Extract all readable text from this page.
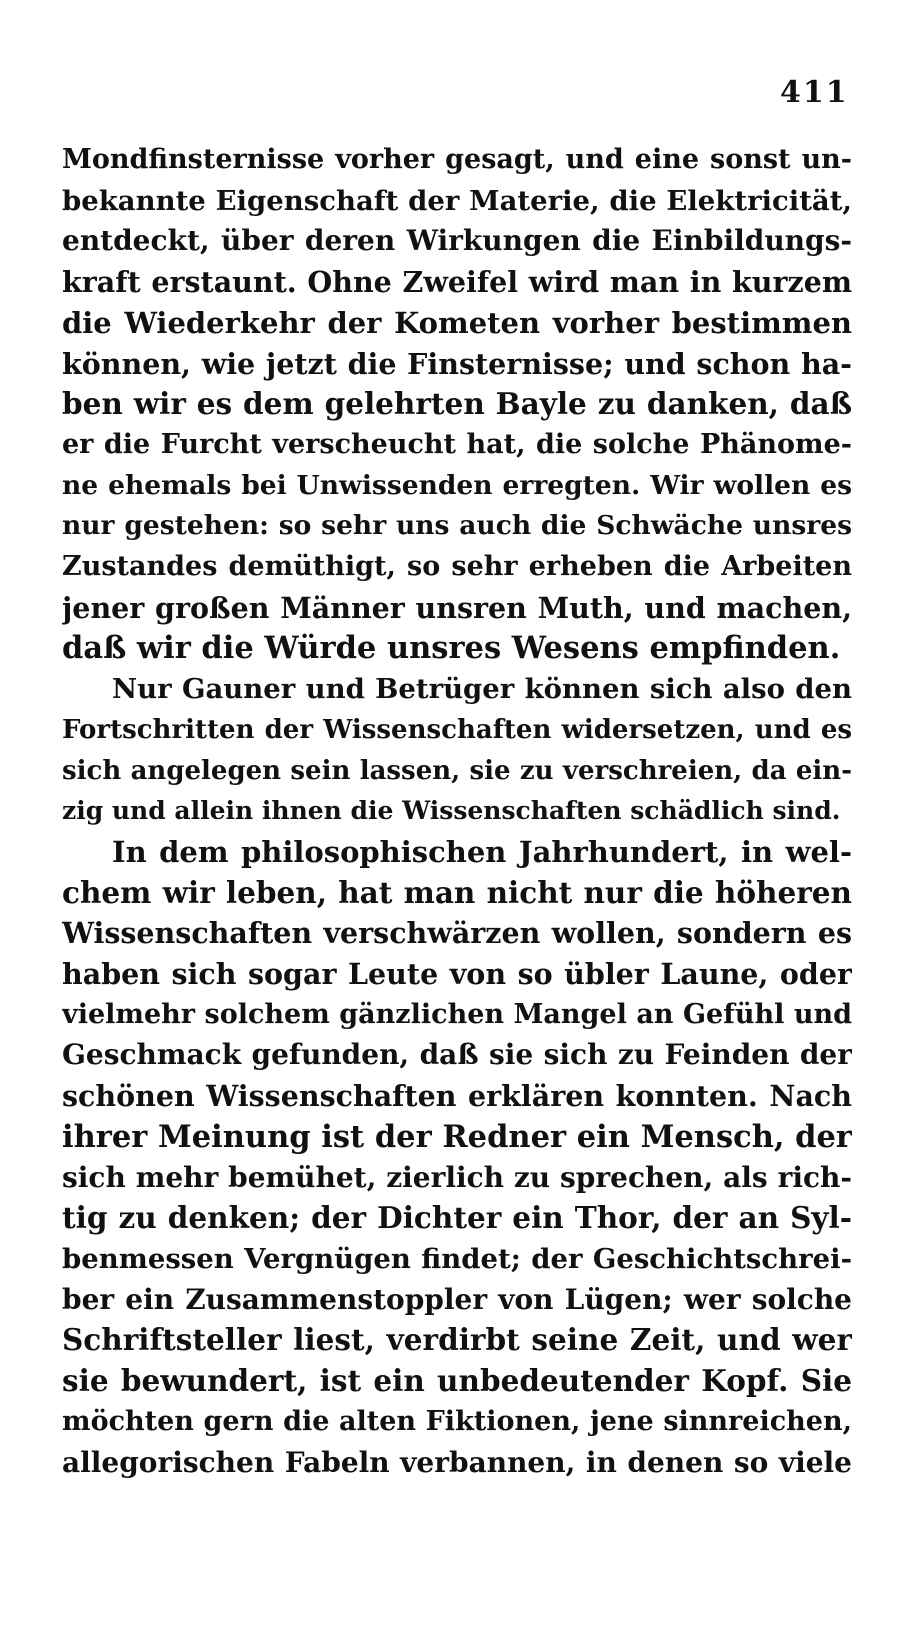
411
Mondfinsternisse vorher gesagt, und eine sonst un-
bekannte Eigenschaft der Materie, die Elektricität,
entdeckt, über deren Wirkungen die Einbildungs-
kraft erstaunt. Ohne Zweifel wird man in kurzem
die Wiederkehr der Kometen vorher bestimmen
können, wie jetzt die Finsternisse; und schon ha-
ben wir es dem gelehrten Bayle zu danken, daß
er die Furcht verscheucht hat, die solche Phänome-
ne ehemals bei Unwissenden erregten. Wir wollen es
nur gestehen: so sehr uns auch die Schwäche unsres
Zustandes demüthigt, so sehr erheben die Arbeiten
jener großen Männer unsren Muth, und machen,
daß wir die Würde unsres Wesens empfinden.
Nur Gauner und Betrüger können sich also den
Fortschritten der Wissenschaften widersetzen, und es
sich angelegen sein lassen, sie zu verschreien, da ein-
zig und allein ihnen die Wissenschaften schädlich sind.
In dem philosophischen Jahrhundert, in wel-
chem wir leben, hat man nicht nur die höheren
Wissenschaften verschwärzen wollen, sondern es
haben sich sogar Leute von so übler Laune, oder
vielmehr solchem gänzlichen Mangel an Gefühl und
Geschmack gefunden, daß sie sich zu Feinden der
schönen Wissenschaften erklären konnten. Nach
ihrer Meinung ist der Redner ein Mensch, der
sich mehr bemühet, zierlich zu sprechen, als rich-
tig zu denken; der Dichter ein Thor, der an Syl-
benmessen Vergnügen findet; der Geschichtschrei-
ber ein Zusammenstoppler von Lügen; wer solche
Schriftsteller liest, verdirbt seine Zeit, und wer
sie bewundert, ist ein unbedeutender Kopf. Sie
möchten gern die alten Fiktionen, jene sinnreichen,
allegorischen Fabeln verbannen, in denen so viele
